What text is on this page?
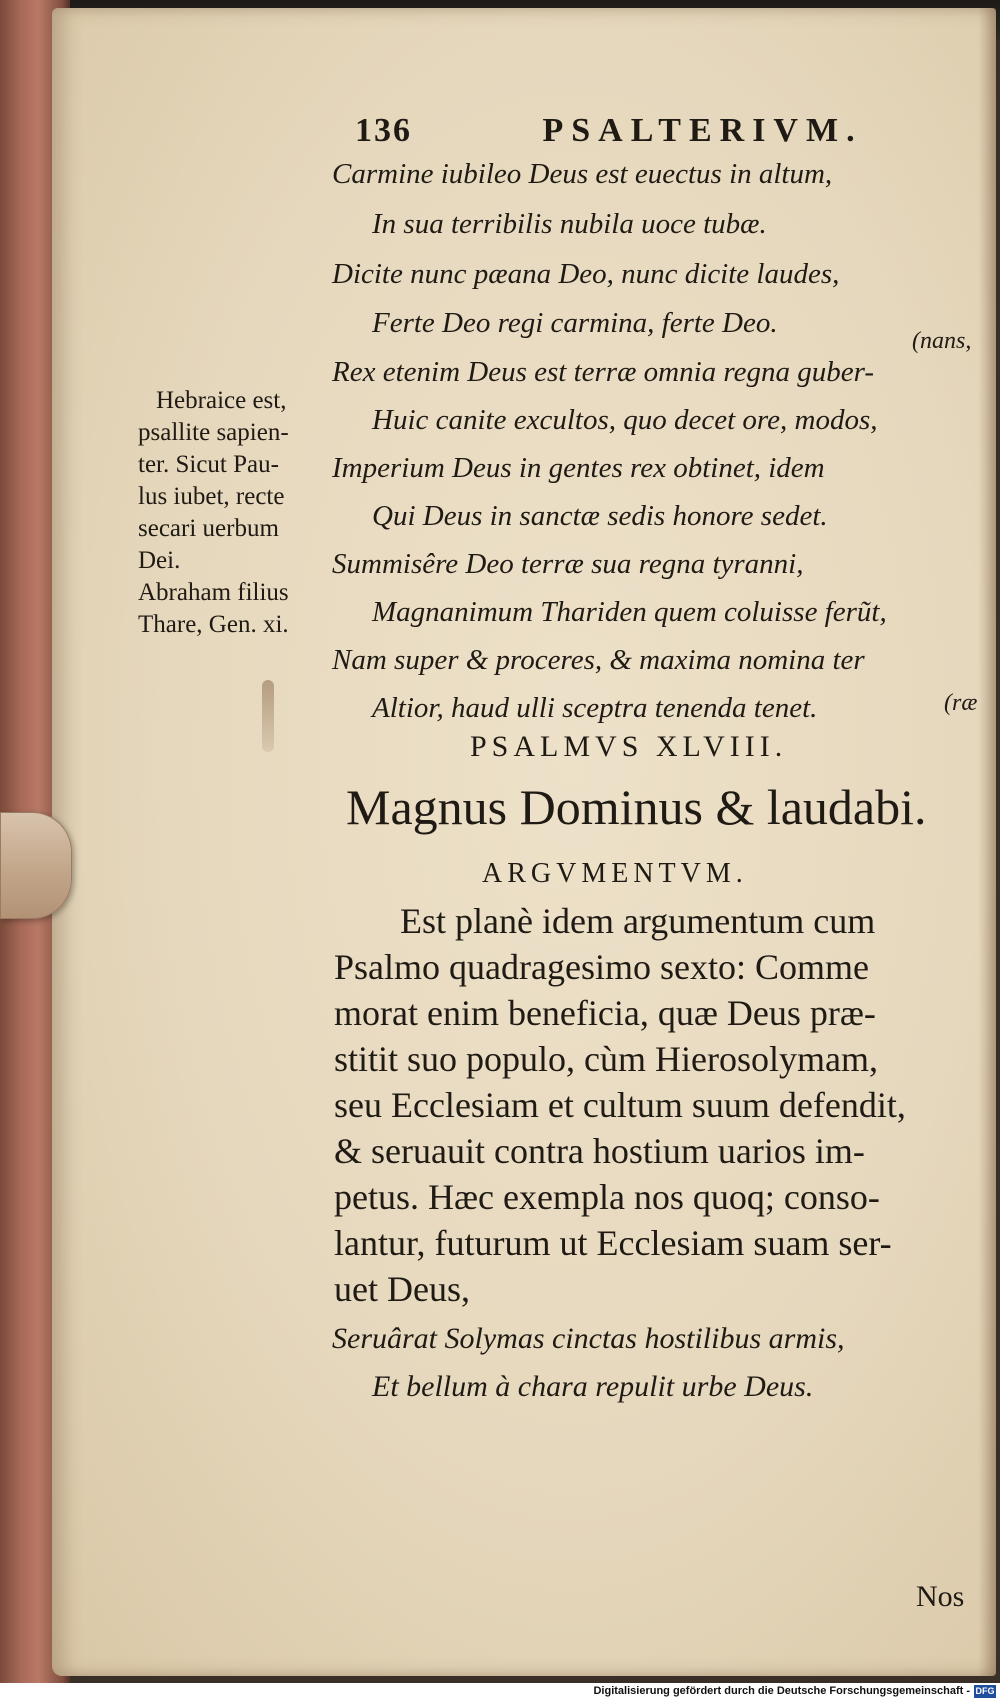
136	PSALTERIVM.
Carmine iubileo Deus est euectus in altum,
In sua terribilis nubila uoce tubæ.
Dicite nunc pæana Deo, nunc dicite laudes,
Ferte Deo regi carmina, ferte Deo.
Rex etenim Deus est terræ omnia regna guber-
Huic canite excultos, quo decet ore, modos,
Imperium Deus in gentes rex obtinet, idem
Qui Deus in sanctæ sedis honore sedet.
Summisêre Deo terræ sua regna tyranni,
Magnanimum Thariden quem coluisse ferũt,
Nam super & proceres, & maxima nomina ter
Altior, haud ulli sceptra tenenda tenet.
(nans,
(ræ
Hebraice est,
psallite sapien-
ter. Sicut Pau-
lus iubet, recte
secari uerbum
Dei.
Abraham filius
Thare, Gen. xi.
PSALMVS XLVIII.
Magnus Dominus & laudabi.
ARGVMENTVM.
Est planè idem argumentum cum
Psalmo quadragesimo sexto: Comme
morat enim beneficia, quæ Deus præ-
stitit suo populo, cùm Hierosolymam,
seu Ecclesiam et cultum suum defendit,
& seruauit contra hostium uarios im-
petus. Hæc exempla nos quoq; conso-
lantur, futurum ut Ecclesiam suam ser-
uet Deus,
Seruârat Solymas cinctas hostilibus armis,
Et bellum à chara repulit urbe Deus.
Nos
Digitalisierung gefördert durch die Deutsche Forschungsgemeinschaft - DFG
